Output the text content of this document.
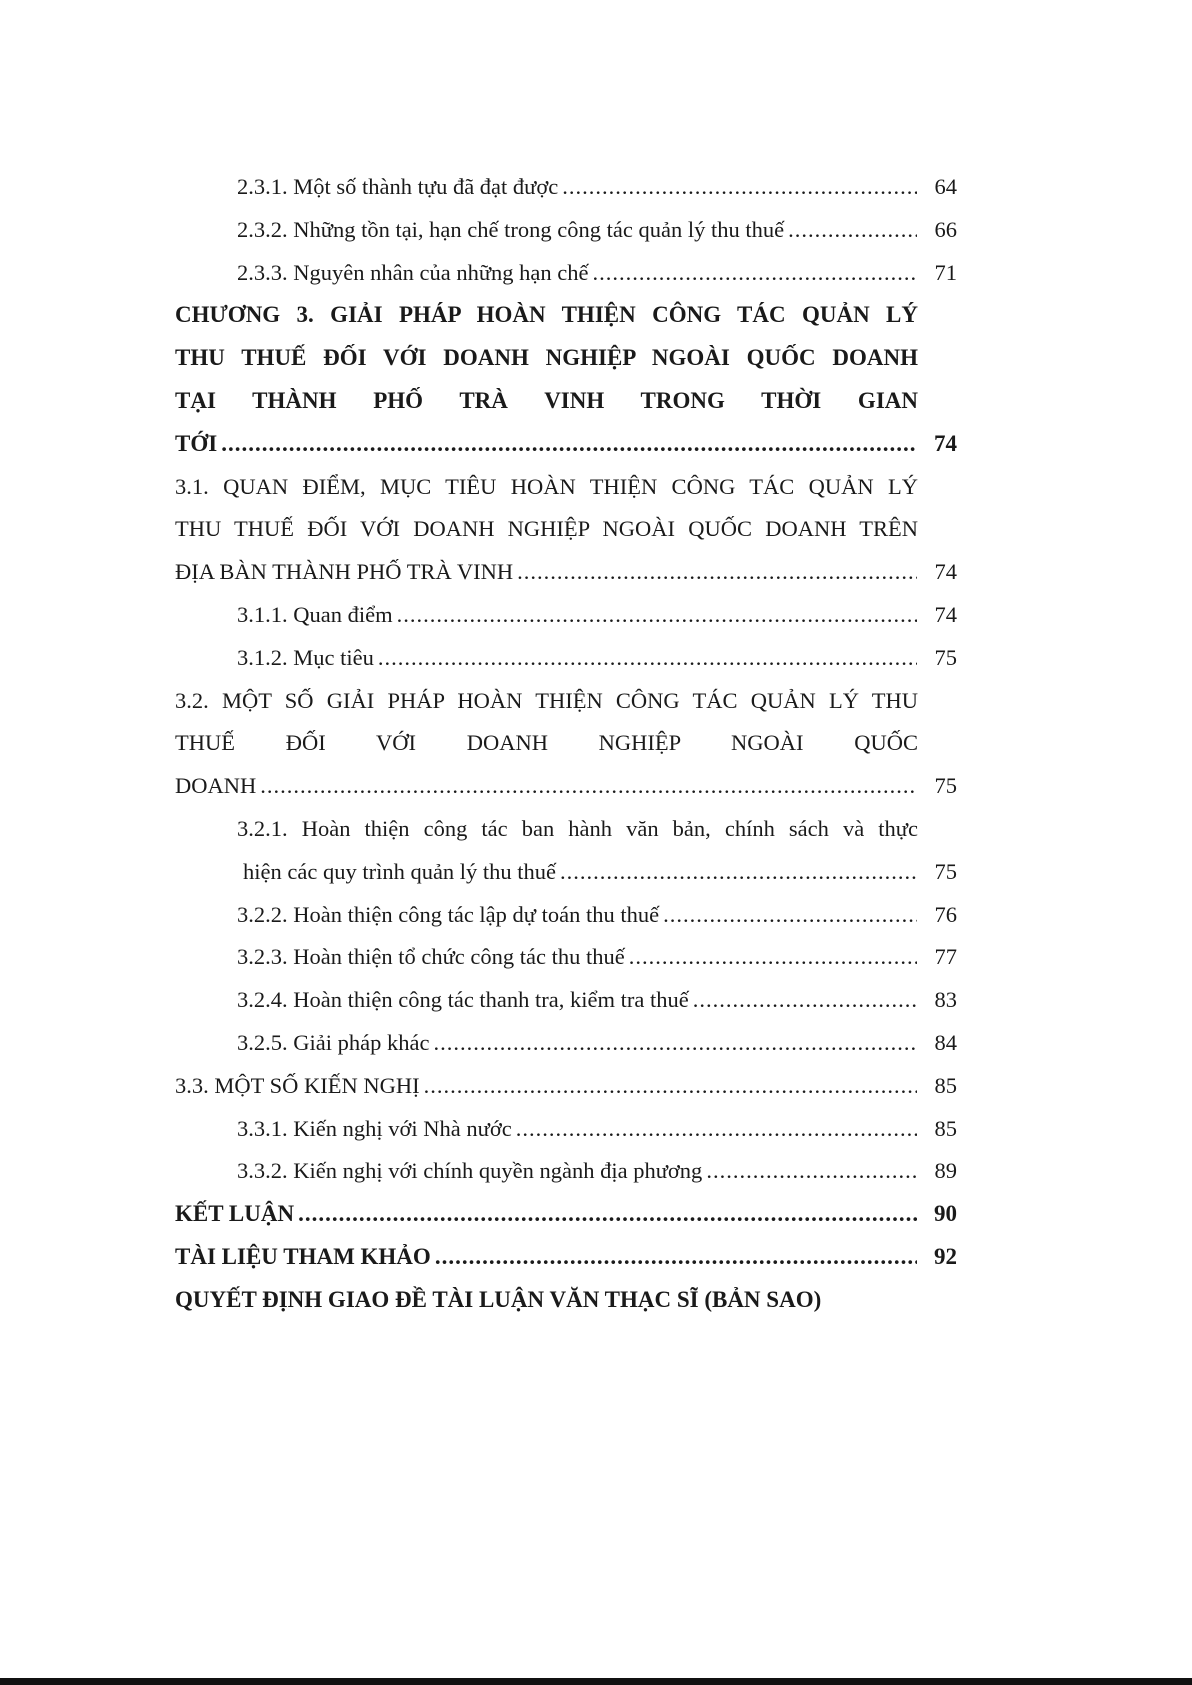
2.3.1. Một số thành tựu đã đạt được .....	64
2.3.2. Những tồn tại, hạn chế trong công tác quản lý thu thuế .....	66
2.3.3. Nguyên nhân của những hạn chế .....	71
CHƯƠNG 3. GIẢI PHÁP HOÀN THIỆN CÔNG TÁC QUẢN LÝ
THU THUẾ ĐỐI VỚI DOANH NGHIỆP NGOÀI QUỐC DOANH
TẠI THÀNH PHỐ TRÀ VINH TRONG THỜI GIAN
TỚI .....	74
3.1. QUAN ĐIỂM, MỤC TIÊU HOÀN THIỆN CÔNG TÁC QUẢN LÝ
THU THUẾ ĐỐI VỚI DOANH NGHIỆP NGOÀI QUỐC DOANH TRÊN
ĐỊA BÀN THÀNH PHỐ TRÀ VINH .....	74
3.1.1. Quan điểm .....	74
3.1.2. Mục tiêu .....	75
3.2. MỘT SỐ GIẢI PHÁP HOÀN THIỆN CÔNG TÁC QUẢN LÝ THU
THUẾ ĐỐI VỚI DOANH NGHIỆP NGOÀI QUỐC
DOANH .....	75
3.2.1. Hoàn thiện công tác ban hành văn bản, chính sách và thực
hiện các quy trình quản lý thu thuế .....	75
3.2.2. Hoàn thiện công tác lập dự toán thu thuế .....	76
3.2.3. Hoàn thiện tổ chức công tác thu thuế .....	77
3.2.4. Hoàn thiện công tác thanh tra, kiểm tra thuế .....	83
3.2.5. Giải pháp khác .....	84
3.3. MỘT SỐ KIẾN NGHỊ .....	85
3.3.1. Kiến nghị với Nhà nước .....	85
3.3.2. Kiến nghị với chính quyền ngành địa phương .....	89
KẾT LUẬN .....	90
TÀI LIỆU THAM KHẢO .....	92
QUYẾT ĐỊNH GIAO ĐỀ TÀI LUẬN VĂN THẠC SĨ (BẢN SAO)
